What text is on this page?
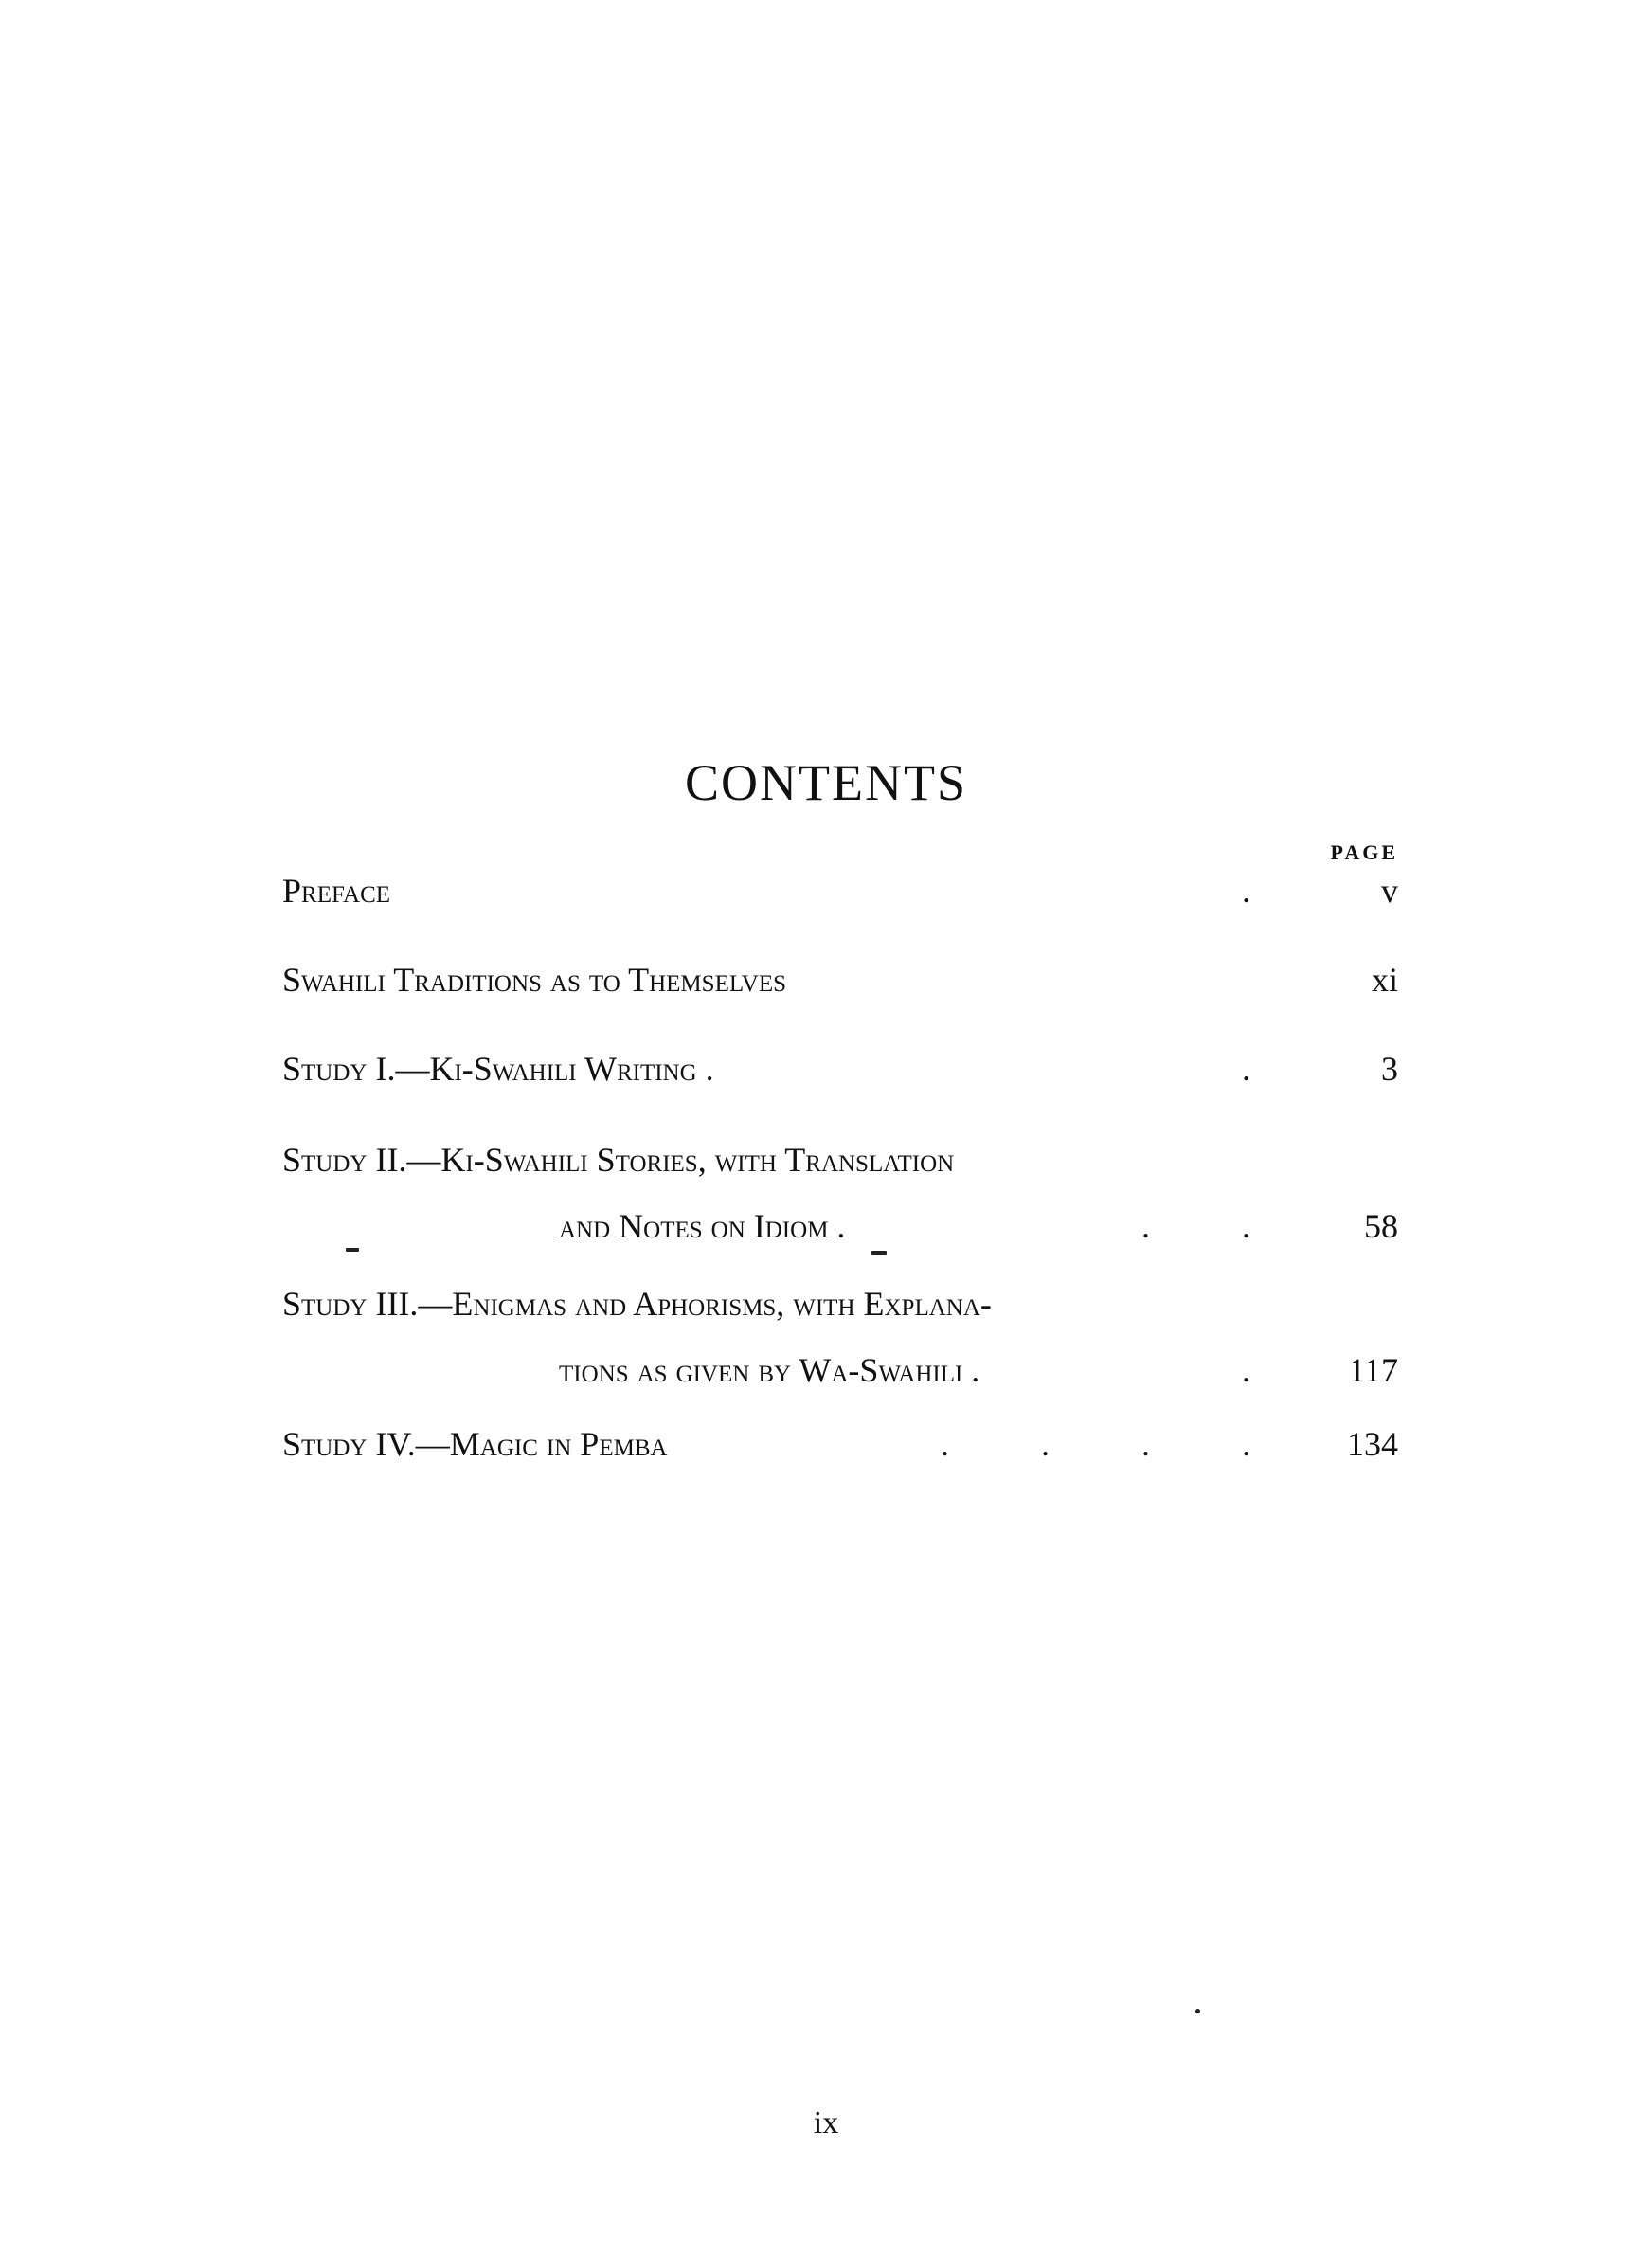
CONTENTS
PAGE
Preface	.	v
Swahili Traditions as to Themselves	xi
Study I.—Ki-Swahili Writing .	.	3
Study II.—Ki-Swahili Stories, with Translation
and Notes on Idiom .	. . 58
Study III.—Enigmas and Aphorisms, with Explana-
tions as given by Wa-Swahili .	. 117
Study IV.—Magic in Pemba	. . . . 134
ix
